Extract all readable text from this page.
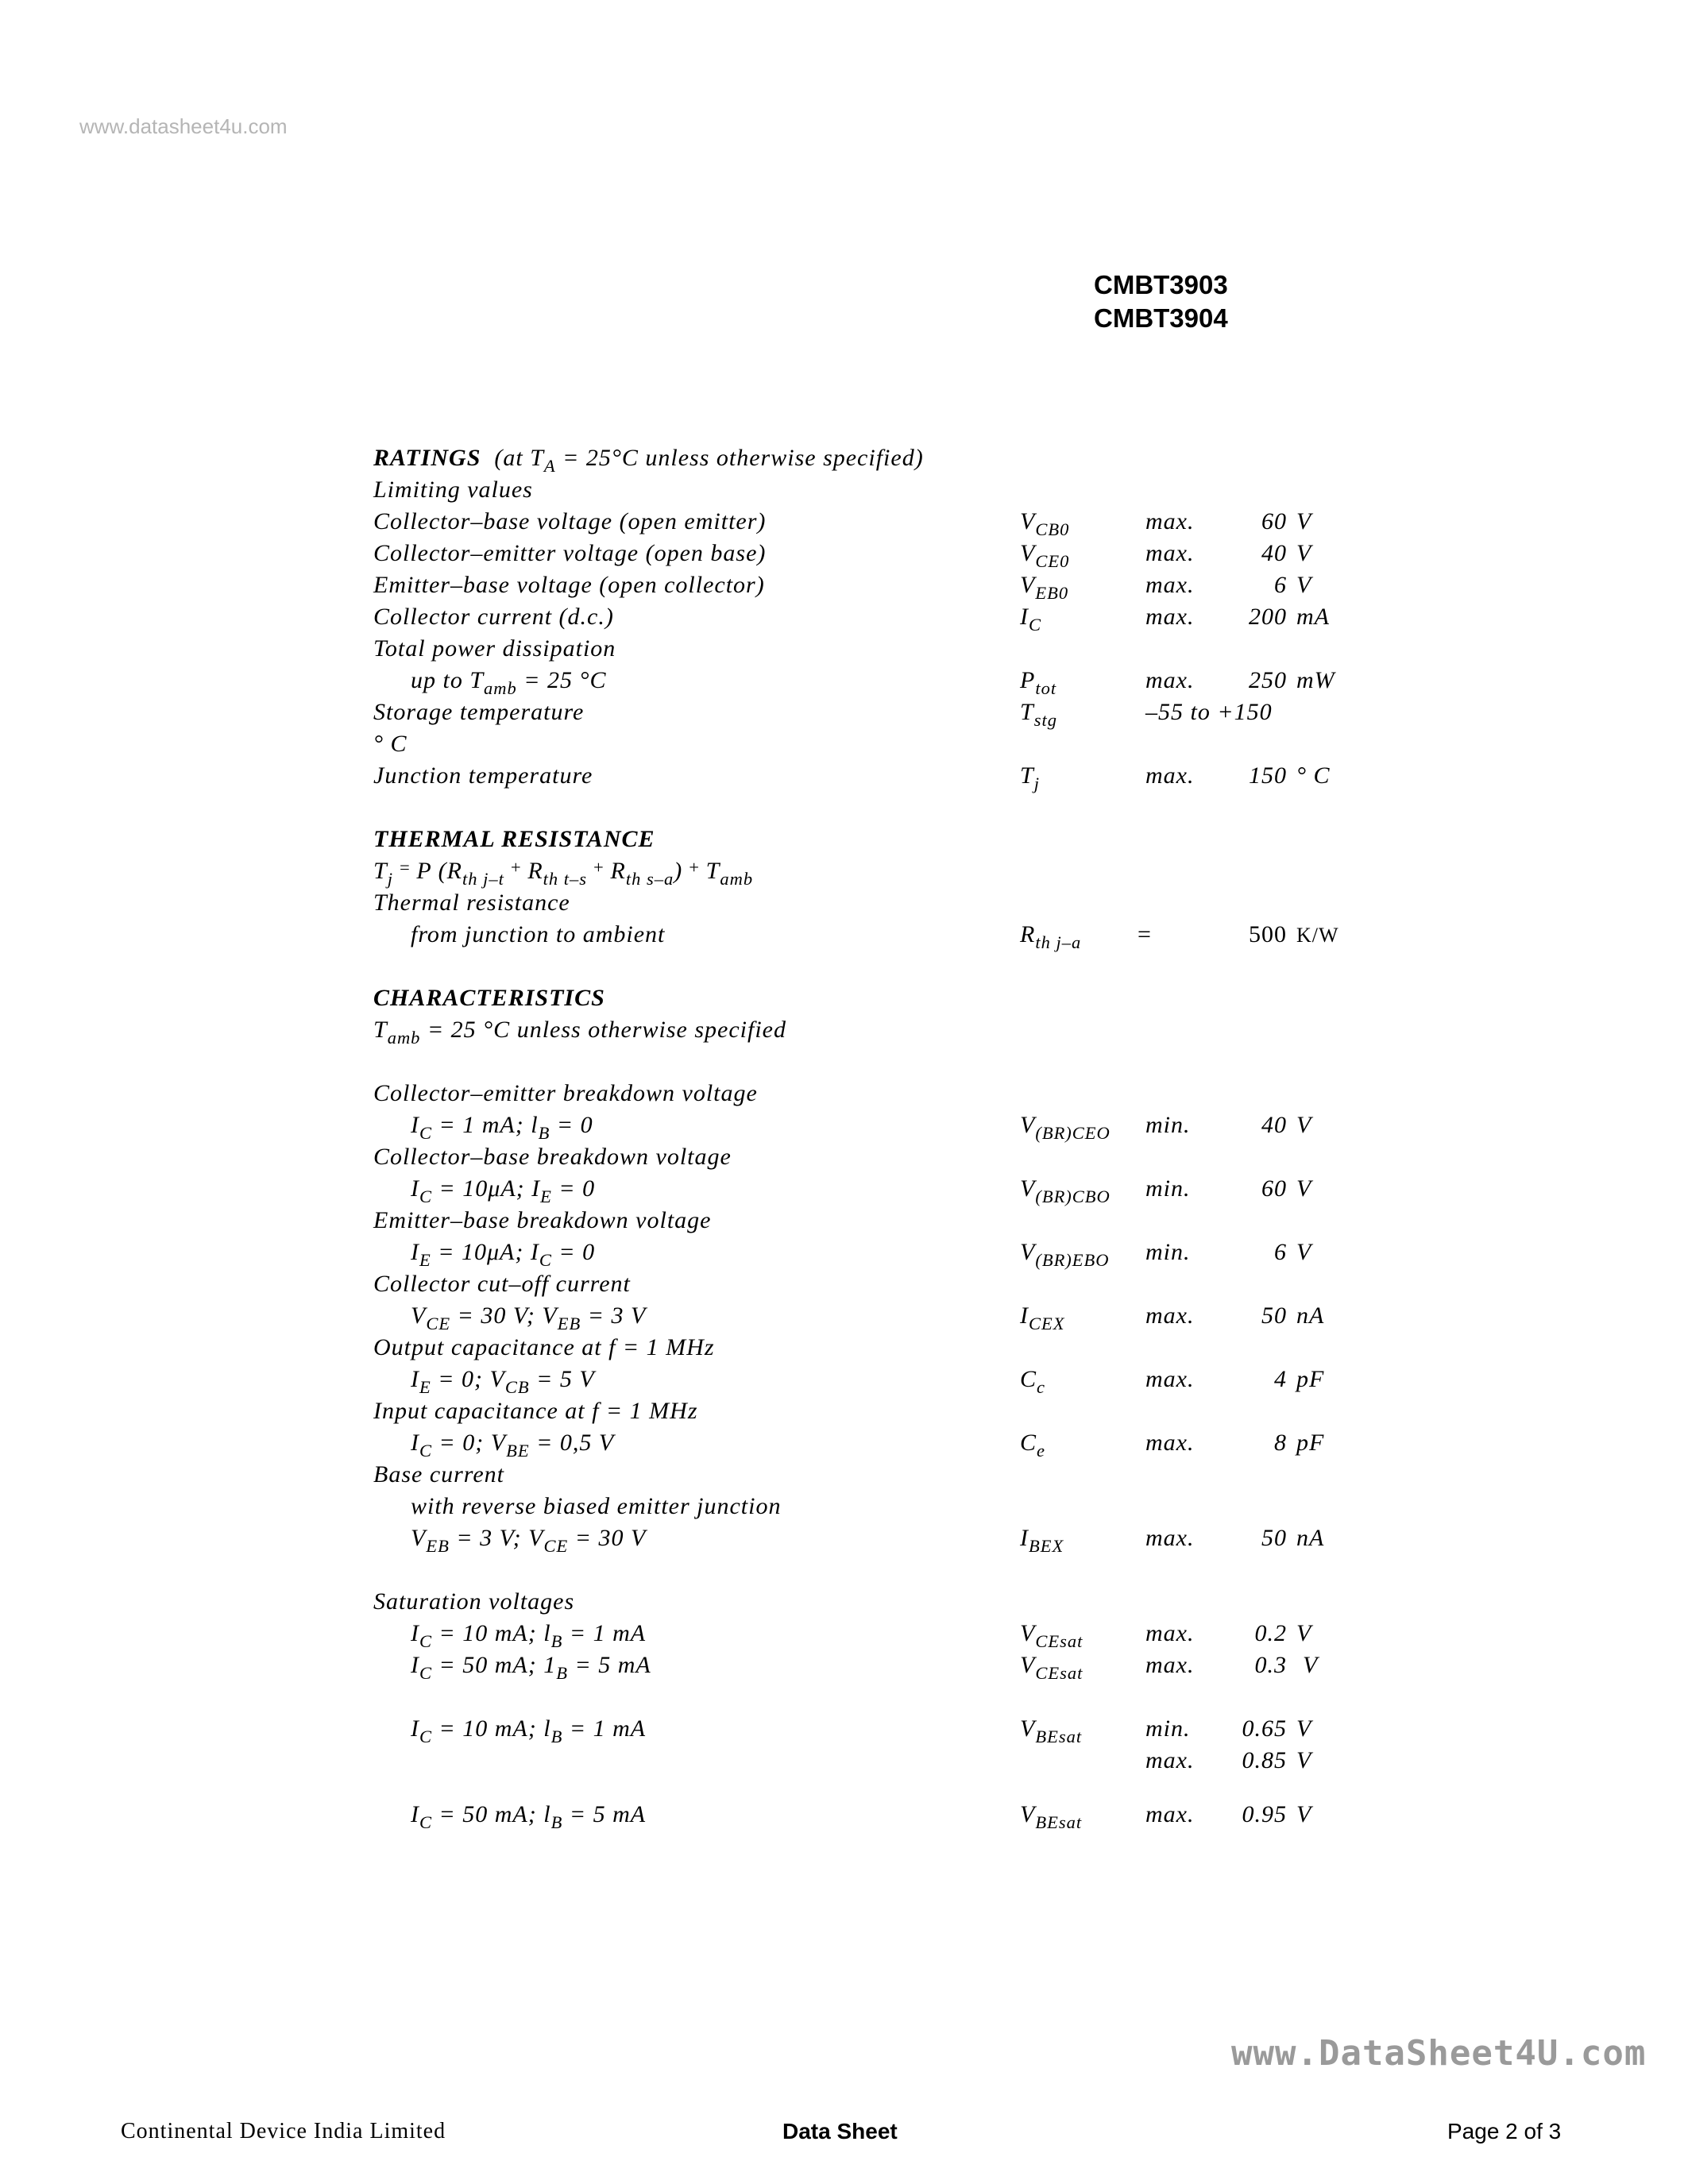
www.datasheet4u.com
CMBT3903
CMBT3904
RATINGS (at $T_A = 25^\circ C$ unless otherwise specified)
Limiting values
Collector–base voltage (open emitter)	$V_{CB0}$	max.	60 V
Collector–emitter voltage (open base)	$V_{CE0}$	max.	40 V
Emitter–base voltage (open collector)	$V_{EB0}$	max.	6 V
Collector current (d.c.)	$I_C$	max.	200 mA
Total power dissipation
up to $T_{amb} = 25$ °C	$P_{tot}$	max.	250 mW
Storage temperature	$T_{stg}$	–55 to +150
° C
Junction temperature	$T_j$	max.	150 ° C
THERMAL RESISTANCE
$T_j$ = P ($R_{th j-t}$ + $R_{th t-s}$ + $R_{th s-a}$) + $T_{amb}$
Thermal resistance
from junction to ambient	$R_{th j-a}$ =	500 K/W
CHARACTERISTICS
$T_{amb} = 25$ °C unless otherwise specified
Collector–emitter breakdown voltage
$I_C = 1$ mA; $l_B = 0$	$V_{(BR)CEO}$ min.	40 V
Collector–base breakdown voltage
$I_C = 10\mu A$; $I_E = 0$	$V_{(BR)CBO}$ min.	60 V
Emitter–base breakdown voltage
$I_E = 10\mu A$; $I_C = 0$	$V_{(BR)EBO}$ min.	6 V
Collector cut–off current
$V_{CE} = 30$ V; $V_{EB} = 3$ V	$I_{CEX}$	max.	50 nA
Output capacitance at f = 1 MHz
$I_E = 0$; $V_{CB} = 5$ V	$C_c$	max.	4 pF
Input capacitance at f = 1 MHz
$I_C = 0$; $V_{BE} = 0,5$ V	$C_e$	max.	8 pF
Base current
with reverse biased emitter junction
$V_{EB} = 3$ V; $V_{CE} = 30$ V	$I_{BEX}$	max.	50 nA
Saturation voltages
$I_C = 10$ mA; $l_B = 1$ mA	$V_{CEsat}$	max.	0.2 V
$I_C = 50$ mA; $1_B = 5$ mA	$V_{CEsat}$	max.	0.3 V
$I_C = 10$ mA; $l_B = 1$ mA	$V_{BEsat}$	min.	0.65 V
max.	0.85 V
$I_C = 50$ mA; $l_B = 5$ mA	$V_{BEsat}$	max.	0.95 V
www.DataSheet4U.com
Continental Device India Limited	Data Sheet	Page 2 of 3
